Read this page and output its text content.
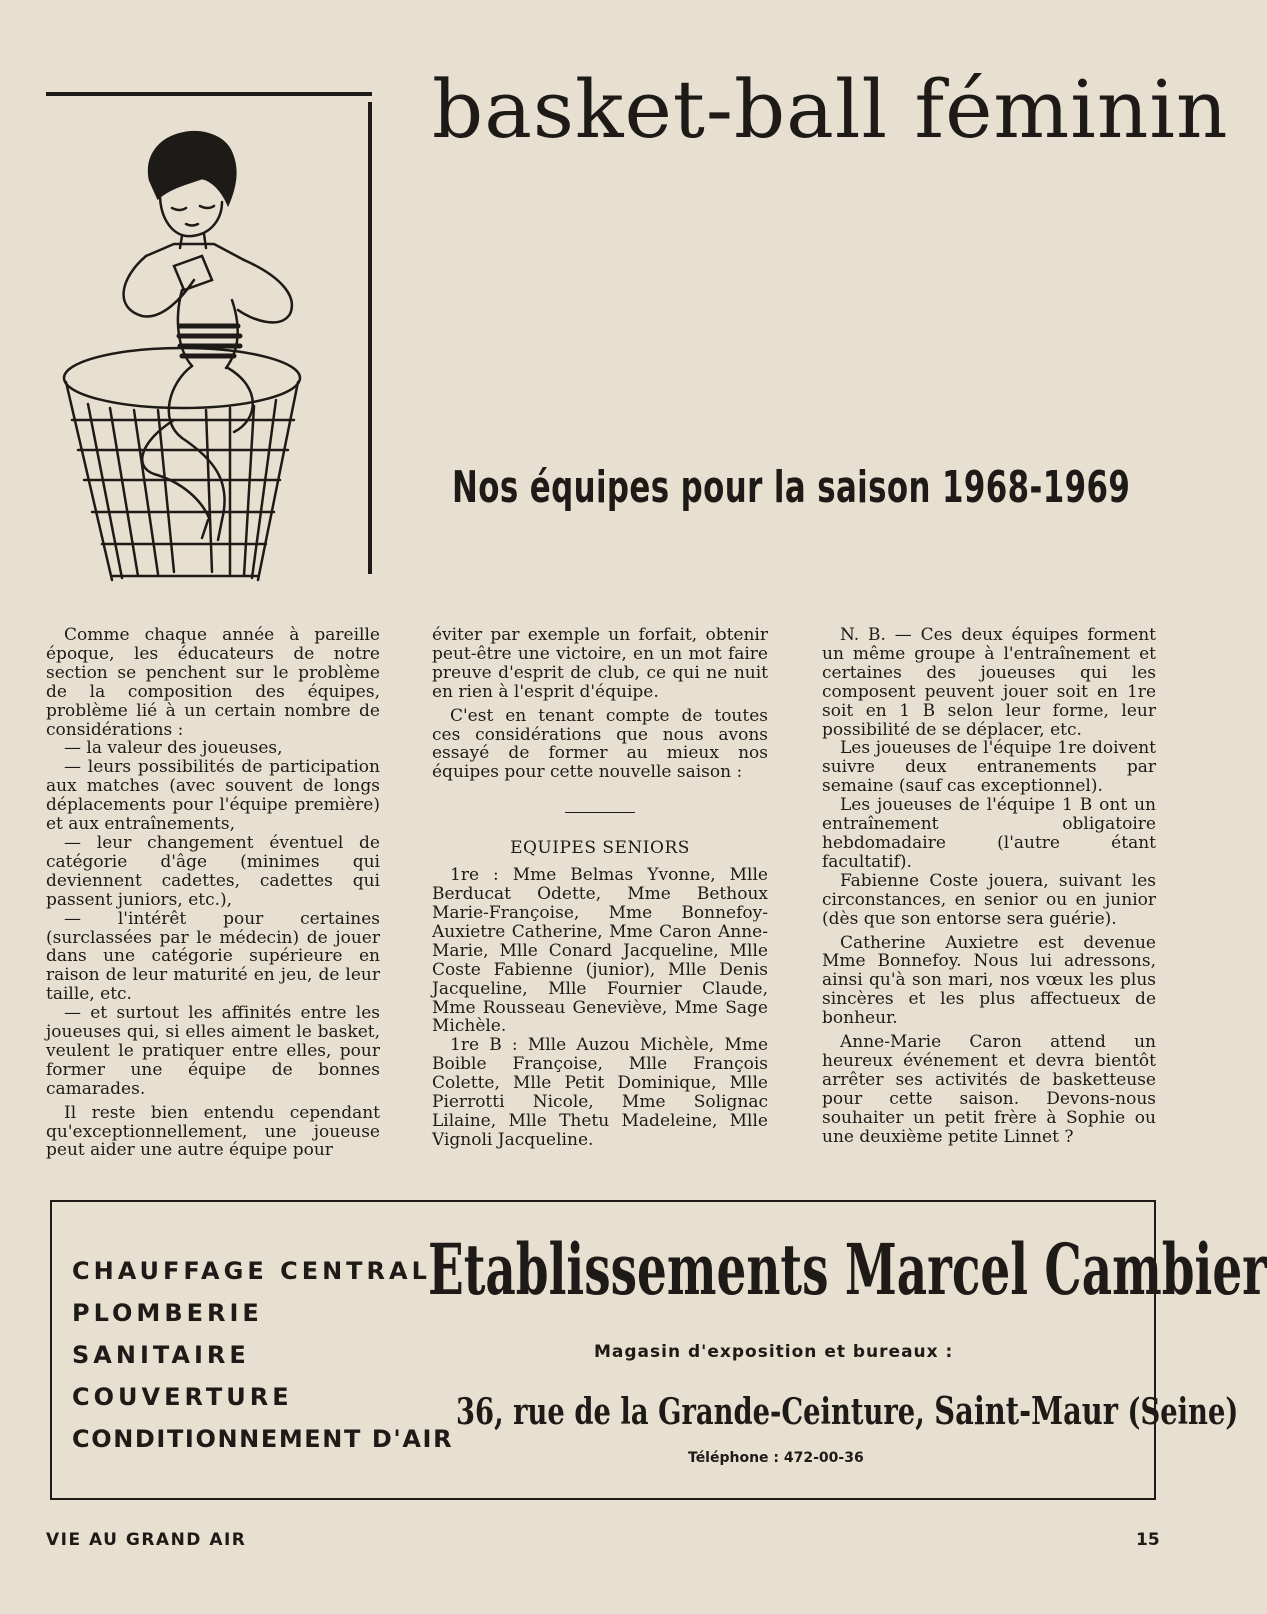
basket-ball féminin
Nos équipes pour la saison 1968-1969

Comme chaque année à pareille époque, les éducateurs de notre section se penchent sur le problème de la composition des équipes, problème lié à un certain nombre de considérations :

— la valeur des joueuses,

— leurs possibilités de participation aux matches (avec souvent de longs déplacements pour l'équipe première) et aux entraînements,

— leur changement éventuel de catégorie d'âge (minimes qui deviennent cadettes, cadettes qui passent juniors, etc.),

— l'intérêt pour certaines (surclassées par le médecin) de jouer dans une catégorie supérieure en raison de leur maturité en jeu, de leur taille, etc.

— et surtout les affinités entre les joueuses qui, si elles aiment le basket, veulent le pratiquer entre elles, pour former une équipe de bonnes camarades.

Il reste bien entendu cependant qu'exceptionnellement, une joueuse peut aider une autre équipe pour

éviter par exemple un forfait, obtenir peut-être une victoire, en un mot faire preuve d'esprit de club, ce qui ne nuit en rien à l'esprit d'équipe.

C'est en tenant compte de toutes ces considérations que nous avons essayé de former au mieux nos équipes pour cette nouvelle saison :

EQUIPES SENIORS

1re : Mme Belmas Yvonne, Mlle Berducat Odette, Mme Bethoux Marie-Françoise, Mme Bonnefoy-Auxietre Catherine, Mme Caron Anne-Marie, Mlle Conard Jacqueline, Mlle Coste Fabienne (junior), Mlle Denis Jacqueline, Mlle Fournier Claude, Mme Rousseau Geneviève, Mme Sage Michèle.

1re B : Mlle Auzou Michèle, Mme Boible Françoise, Mlle François Colette, Mlle Petit Dominique, Mlle Pierrotti Nicole, Mme Solignac Lilaine, Mlle Thetu Madeleine, Mlle Vignoli Jacqueline.

N. B. — Ces deux équipes forment un même groupe à l'entraînement et certaines des joueuses qui les composent peuvent jouer soit en 1re soit en 1 B selon leur forme, leur possibilité de se déplacer, etc.

Les joueuses de l'équipe 1re doivent suivre deux entranements par semaine (sauf cas exceptionnel).

Les joueuses de l'équipe 1 B ont un entraînement obligatoire hebdomadaire (l'autre étant facultatif).

Fabienne Coste jouera, suivant les circonstances, en senior ou en junior (dès que son entorse sera guérie).

Catherine Auxietre est devenue Mme Bonnefoy. Nous lui adressons, ainsi qu'à son mari, nos vœux les plus sincères et les plus affectueux de bonheur.

Anne-Marie Caron attend un heureux événement et devra bientôt arrêter ses activités de basketteuse pour cette saison. Devons-nous souhaiter un petit frère à Sophie ou une deuxième petite Linnet ?

CHAUFFAGE CENTRAL
PLOMBERIE
SANITAIRE
COUVERTURE
CONDITIONNEMENT D'AIR
Etablissements Marcel Cambier
Magasin d'exposition et bureaux :
36, rue de la Grande-Ceinture, Saint-Maur (Seine)
Téléphone : 472-00-36
VIE AU GRAND AIR	15
